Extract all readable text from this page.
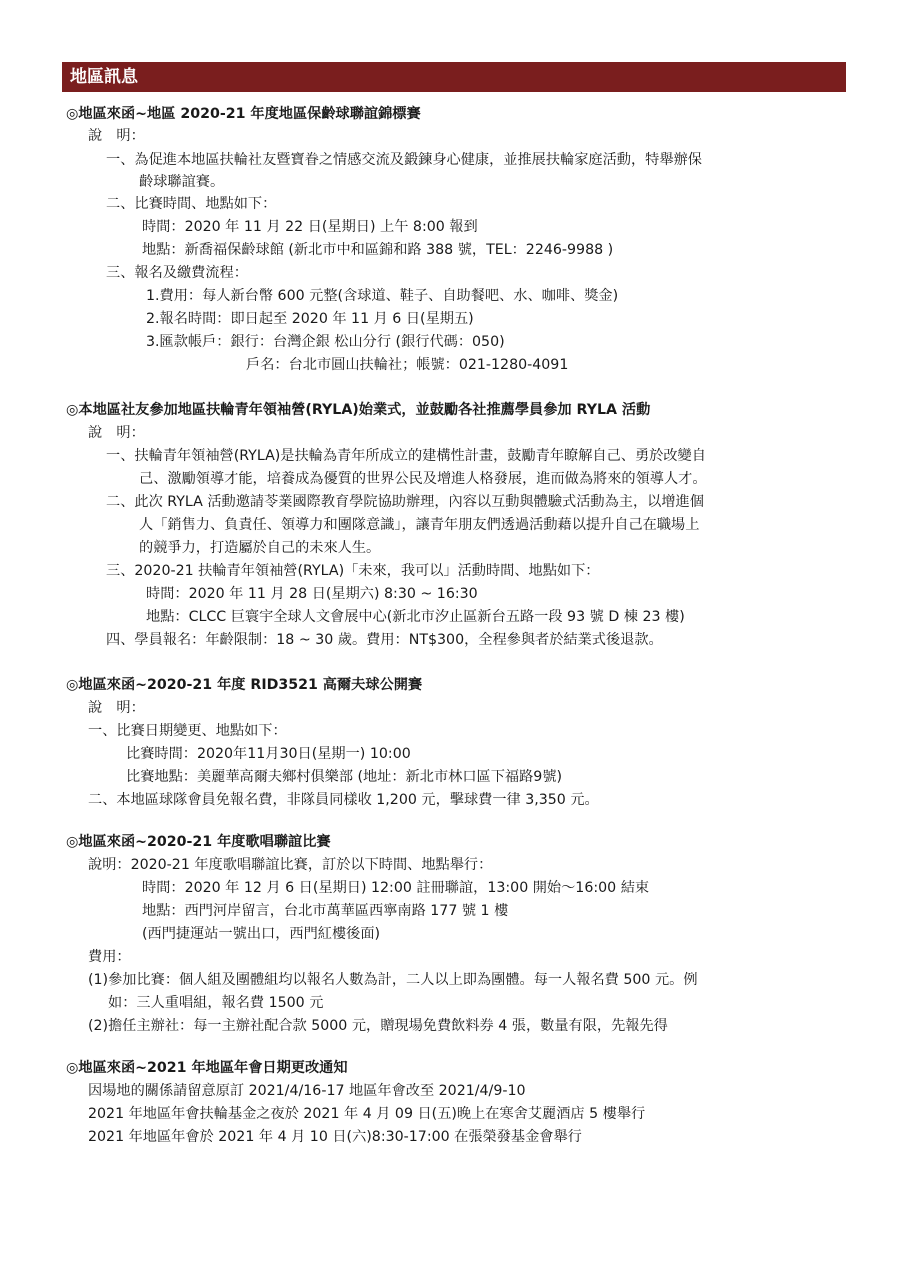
地區訊息
◎地區來函~地區 2020-21 年度地區保齡球聯誼錦標賽
說　明：
一、為促進本地區扶輪社友暨寶眷之情感交流及鍛鍊身心健康，並推展扶輪家庭活動，特舉辦保
齡球聯誼賽。
二、比賽時間、地點如下：
時間：2020 年 11 月 22 日(星期日) 上午 8:00 報到
地點：新喬福保齡球館 (新北市中和區錦和路 388 號，TEL：2246-9988 )
三、報名及繳費流程：
1.費用：每人新台幣 600 元整(含球道、鞋子、自助餐吧、水、咖啡、獎金)
2.報名時間：即日起至 2020 年 11 月 6 日(星期五)
3.匯款帳戶：銀行：台灣企銀 松山分行 (銀行代碼：050)
戶名：台北市圓山扶輪社；帳號：021-1280-4091
◎本地區社友參加地區扶輪青年領袖營(RYLA)始業式，並鼓勵各社推薦學員參加 RYLA 活動
說　明：
一、扶輪青年領袖營(RYLA)是扶輪為青年所成立的建構性計畫，鼓勵青年瞭解自己、勇於改變自
己、激勵領導才能，培養成為優質的世界公民及增進人格發展，進而做為將來的領導人才。
二、此次 RYLA 活動邀請苓業國際教育學院協助辦理，內容以互動與體驗式活動為主，以增進個
人「銷售力、負責任、領導力和團隊意識」，讓青年朋友們透過活動藉以提升自己在職場上
的競爭力，打造屬於自己的未來人生。
三、2020-21 扶輪青年領袖營(RYLA)「未來，我可以」活動時間、地點如下：
時間：2020 年 11 月 28 日(星期六) 8:30 ~ 16:30
地點：CLCC 巨寰宇全球人文會展中心(新北市汐止區新台五路一段 93 號 D 棟 23 樓)
四、學員報名：年齡限制：18 ~ 30 歲。費用：NT$300，全程參與者於結業式後退款。
◎地區來函~2020-21 年度 RID3521 高爾夫球公開賽
說　明：
一、比賽日期變更、地點如下：
比賽時間：2020年11月30日(星期一) 10:00
比賽地點：美麗華高爾夫鄉村俱樂部 (地址：新北市林口區下福路9號)
二、本地區球隊會員免報名費，非隊員同樣收 1,200 元，擊球費一律 3,350 元。
◎地區來函~2020-21 年度歌唱聯誼比賽
說明：2020-21 年度歌唱聯誼比賽，訂於以下時間、地點舉行：
時間：2020 年 12 月 6 日(星期日) 12:00 註冊聯誼，13:00 開始～16:00 結束
地點：西門河岸留言，台北市萬華區西寧南路 177 號 1 樓
(西門捷運站一號出口，西門紅樓後面)
費用：
(1)參加比賽：個人組及團體組均以報名人數為計，二人以上即為團體。每一人報名費 500 元。例
如：三人重唱組，報名費 1500 元
(2)擔任主辦社：每一主辦社配合款 5000 元，贈現場免費飲料券 4 張，數量有限，先報先得
◎地區來函~2021 年地區年會日期更改通知
因場地的關係請留意原訂 2021/4/16-17 地區年會改至 2021/4/9-10
2021 年地區年會扶輪基金之夜於 2021 年 4 月 09 日(五)晚上在寒舍艾麗酒店 5 樓舉行
2021 年地區年會於 2021 年 4 月 10 日(六)8:30-17:00 在張榮發基金會舉行
